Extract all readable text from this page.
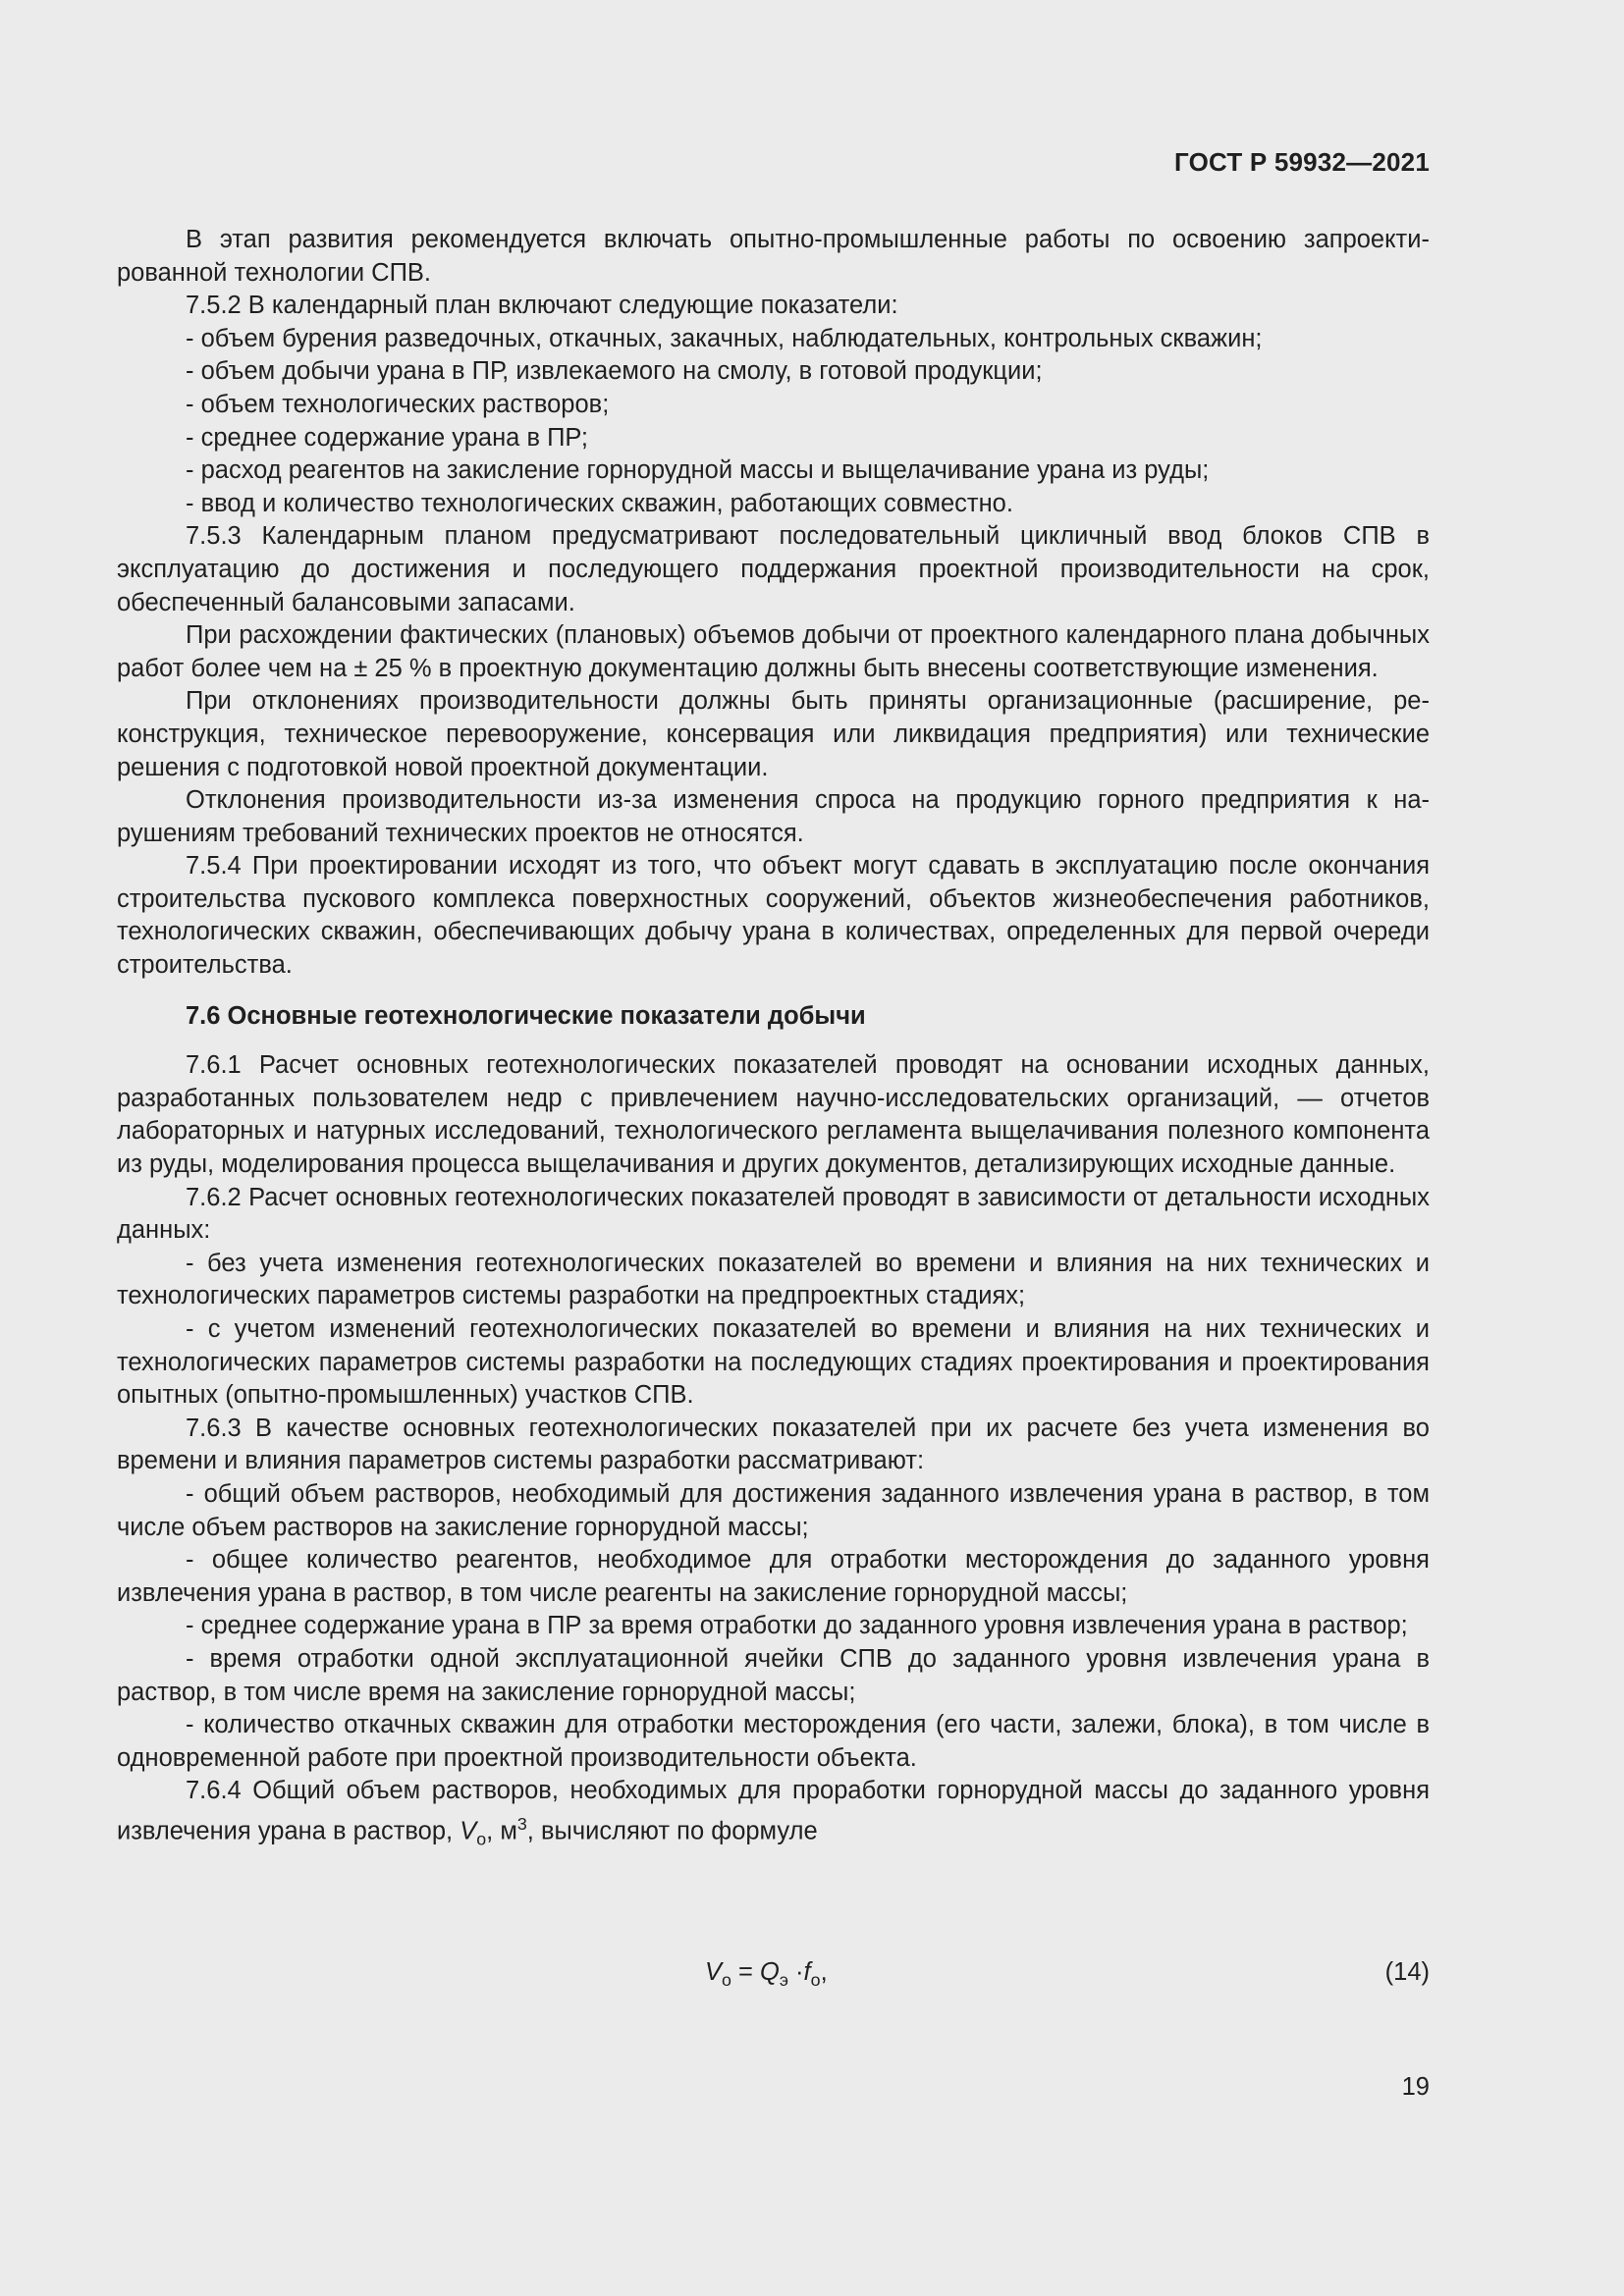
ГОСТ Р 59932—2021

В этап развития рекомендуется включать опытно-промышленные работы по освоению запроектированной технологии СПВ.

7.5.2 В календарный план включают следующие показатели:

- объем бурения разведочных, откачных, закачных, наблюдательных, контрольных скважин;

- объем добычи урана в ПР, извлекаемого на смолу, в готовой продукции;

- объем технологических растворов;

- среднее содержание урана в ПР;

- расход реагентов на закисление горнорудной массы и выщелачивание урана из руды;

- ввод и количество технологических скважин, работающих совместно.

7.5.3 Календарным планом предусматривают последовательный цикличный ввод блоков СПВ в эксплуатацию до достижения и последующего поддержания проектной производительности на срок, обеспеченный балансовыми запасами.

При расхождении фактических (плановых) объемов добычи от проектного календарного плана добычных работ более чем на ± 25 % в проектную документацию должны быть внесены соответствующие изменения.

При отклонениях производительности должны быть приняты организационные (расширение, реконструкция, техническое перевооружение, консервация или ликвидация предприятия) или технические решения с подготовкой новой проектной документации.

Отклонения производительности из-за изменения спроса на продукцию горного предприятия к нарушениям требований технических проектов не относятся.

7.5.4 При проектировании исходят из того, что объект могут сдавать в эксплуатацию после окончания строительства пускового комплекса поверхностных сооружений, объектов жизнеобеспечения работников, технологических скважин, обеспечивающих добычу урана в количествах, определенных для первой очереди строительства.

7.6 Основные геотехнологические показатели добычи

7.6.1 Расчет основных геотехнологических показателей проводят на основании исходных данных, разработанных пользователем недр с привлечением научно-исследовательских организаций, — отчетов лабораторных и натурных исследований, технологического регламента выщелачивания полезного компонента из руды, моделирования процесса выщелачивания и других документов, детализирующих исходные данные.

7.6.2 Расчет основных геотехнологических показателей проводят в зависимости от детальности исходных данных:

- без учета изменения геотехнологических показателей во времени и влияния на них технических и технологических параметров системы разработки на предпроектных стадиях;

- с учетом изменений геотехнологических показателей во времени и влияния на них технических и технологических параметров системы разработки на последующих стадиях проектирования и проектирования опытных (опытно-промышленных) участков СПВ.

7.6.3 В качестве основных геотехнологических показателей при их расчете без учета изменения во времени и влияния параметров системы разработки рассматривают:

- общий объем растворов, необходимый для достижения заданного извлечения урана в раствор, в том числе объем растворов на закисление горнорудной массы;

- общее количество реагентов, необходимое для отработки месторождения до заданного уровня извлечения урана в раствор, в том числе реагенты на закисление горнорудной массы;

- среднее содержание урана в ПР за время отработки до заданного уровня извлечения урана в раствор;

- время отработки одной эксплуатационной ячейки СПВ до заданного уровня извлечения урана в раствор, в том числе время на закисление горнорудной массы;

- количество откачных скважин для отработки месторождения (его части, залежи, блока), в том числе в одновременной работе при проектной производительности объекта.

7.6.4 Общий объем растворов, необходимых для проработки горнорудной массы до заданного уровня извлечения урана в раствор, $V_о$, $м^3$, вычисляют по формуле

$V_о = Q_э \cdot f_о$,	(14)
19
